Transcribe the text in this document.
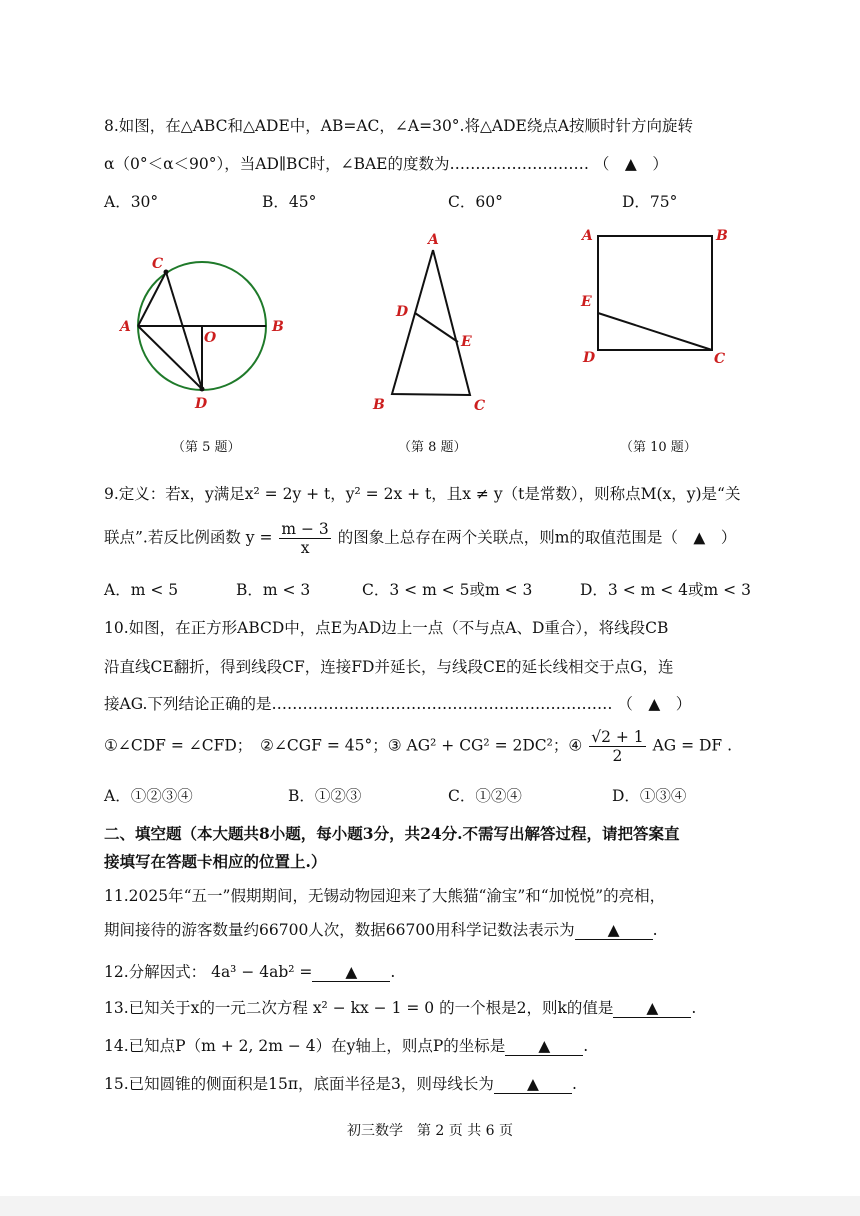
8.如图，在△ABC和△ADE中，AB=AC，∠A=30°.将△ADE绕点A按顺时针方向旋转
α（0°＜α＜90°），当AD∥BC时，∠BAE的度数为……………………… （　▲　）
A．30°	B．45°	C．60°	D．75°
C
A
O
B
D
A
D
E
B	C
A	B
E
D	C
（第 5 题）	（第 8 题）	（第 10 题）
9.定义：若x，y满足x² = 2y + t，y² = 2x + t，且x ≠ y（t是常数），则称点M(x，y)是“关
联点”.若反比例函数 $y = \frac{m - 3}{x}$ 的图象上总存在两个关联点，则m的取值范围是（　▲　）
A．m < 5	B．m < 3	C．3 < m < 5或m < 3	D．3 < m < 4或m < 3
10.如图，在正方形ABCD中，点E为AD边上一点（不与点A、D重合），将线段CB
沿直线CE翻折，得到线段CF，连接FD并延长，与线段CE的延长线相交于点G，连
接AG.下列结论正确的是………………………………………………………… （　▲　）
①∠CDF = ∠CFD；　②∠CGF = 45°；③ AG² + CG² = 2DC²；④ $\frac{√2 + 1}{2}$ AG = DF .
A．①②③④	B．①②③	C．①②④	D．①③④
二、填空题（本大题共8小题，每小题3分，共24分.不需写出解答过程，请把答案直
接填写在答题卡相应的位置上.）
11.2025年“五一”假期期间，无锡动物园迎来了大熊猫“渝宝”和“加悦悦”的亮相，
期间接待的游客数量约66700人次，数据66700用科学记数法表示为 ▲ .
12.分解因式： 4a³ − 4ab² = ▲ .
13.已知关于x的一元二次方程 x² − kx − 1 = 0 的一个根是2，则k的值是 ▲ .
14.已知点P（m + 2, 2m − 4）在y轴上，则点P的坐标是 ▲ .
15.已知圆锥的侧面积是15π，底面半径是3，则母线长为 ▲ .
初三数学　第 2 页 共 6 页
